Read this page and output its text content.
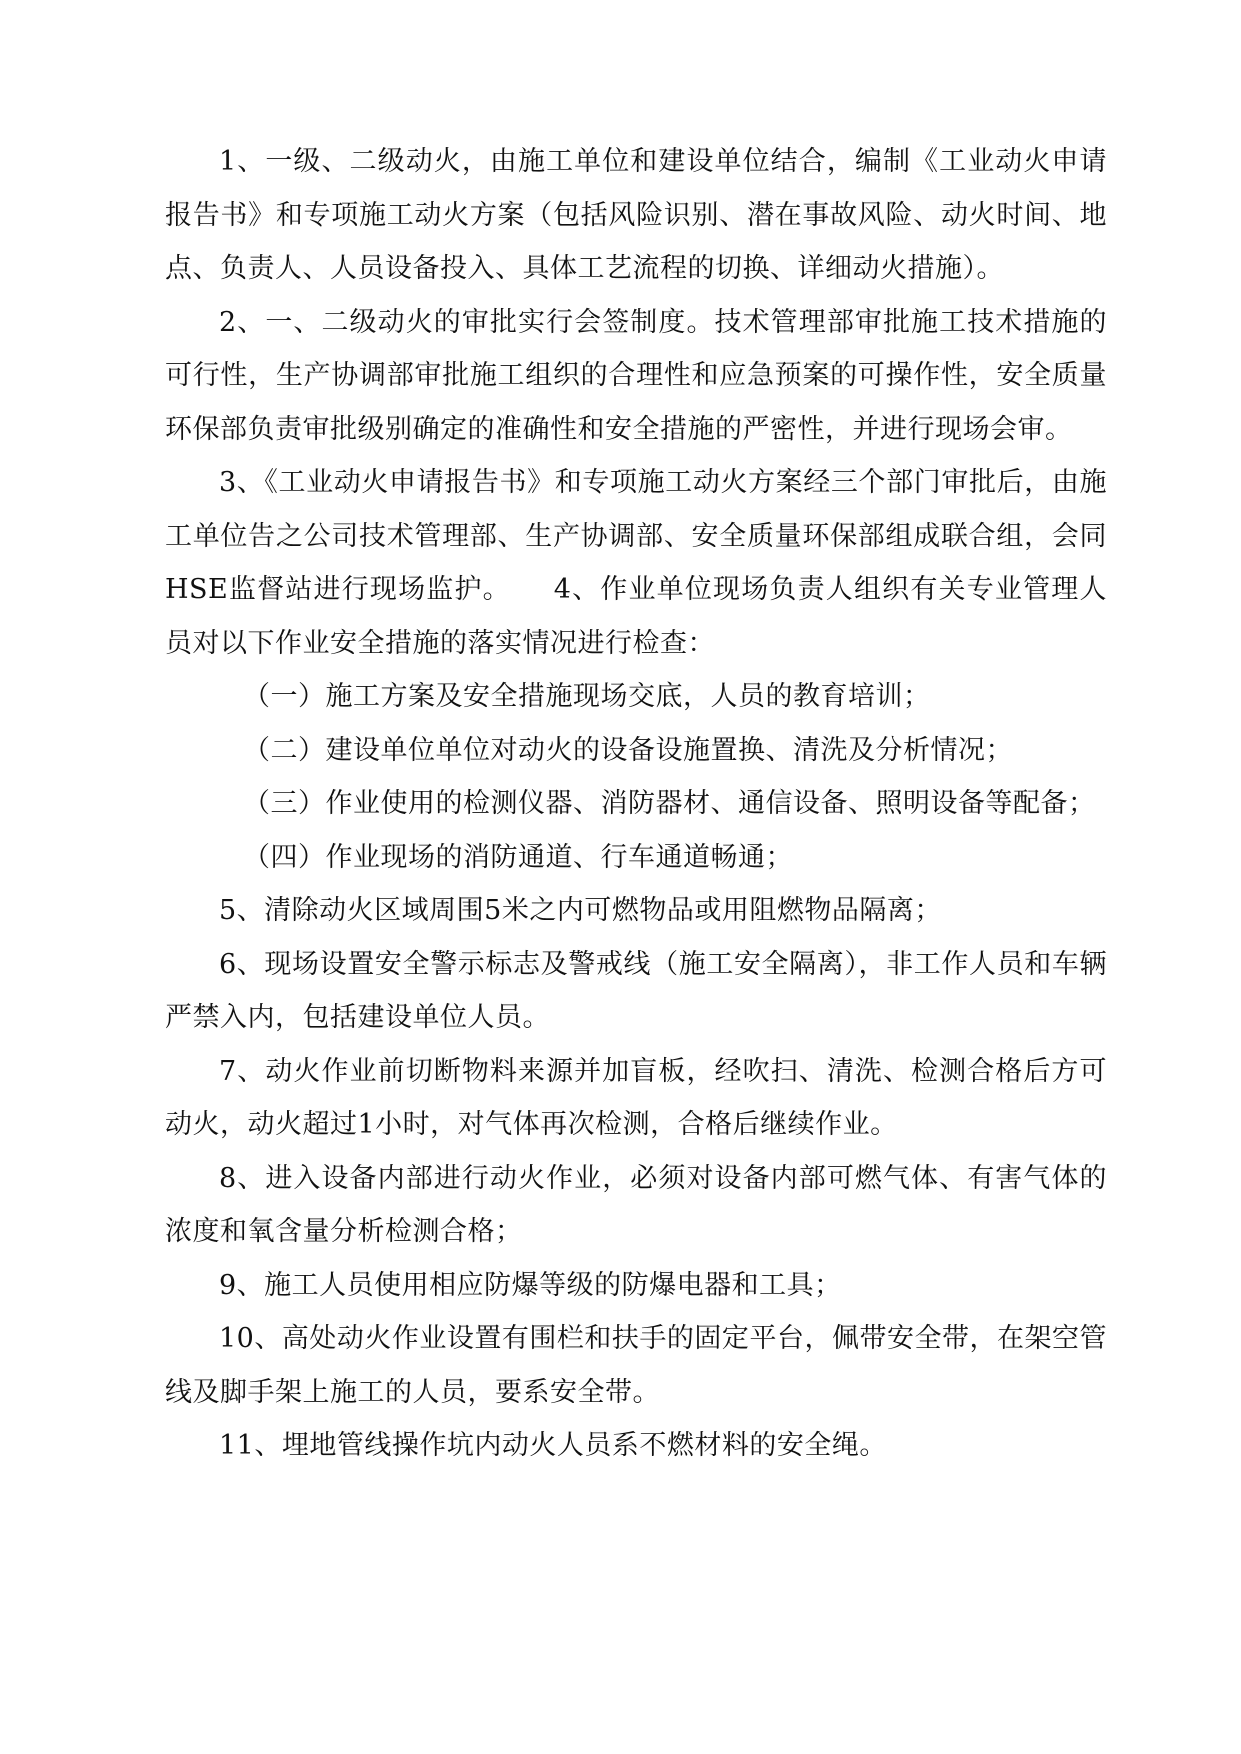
1、一级、二级动火，由施工单位和建设单位结合，编制《工业动火申请报告书》和专项施工动火方案（包括风险识别、潜在事故风险、动火时间、地点、负责人、人员设备投入、具体工艺流程的切换、详细动火措施）。

2、一、二级动火的审批实行会签制度。技术管理部审批施工技术措施的可行性，生产协调部审批施工组织的合理性和应急预案的可操作性，安全质量环保部负责审批级别确定的准确性和安全措施的严密性，并进行现场会审。

3、《工业动火申请报告书》和专项施工动火方案经三个部门审批后，由施工单位告之公司技术管理部、生产协调部、安全质量环保部组成联合组，会同HSE监督站进行现场监护。　　4、作业单位现场负责人组织有关专业管理人员对以下作业安全措施的落实情况进行检查：

（一）施工方案及安全措施现场交底，人员的教育培训；

（二）建设单位单位对动火的设备设施置换、清洗及分析情况；

（三）作业使用的检测仪器、消防器材、通信设备、照明设备等配备；

（四）作业现场的消防通道、行车通道畅通；

5、清除动火区域周围5米之内可燃物品或用阻燃物品隔离；

6、现场设置安全警示标志及警戒线（施工安全隔离），非工作人员和车辆严禁入内，包括建设单位人员。

7、动火作业前切断物料来源并加盲板，经吹扫、清洗、检测合格后方可动火，动火超过1小时，对气体再次检测，合格后继续作业。

8、进入设备内部进行动火作业，必须对设备内部可燃气体、有害气体的浓度和氧含量分析检测合格；

9、施工人员使用相应防爆等级的防爆电器和工具；

10、高处动火作业设置有围栏和扶手的固定平台，佩带安全带，在架空管线及脚手架上施工的人员，要系安全带。

11、埋地管线操作坑内动火人员系不燃材料的安全绳。
